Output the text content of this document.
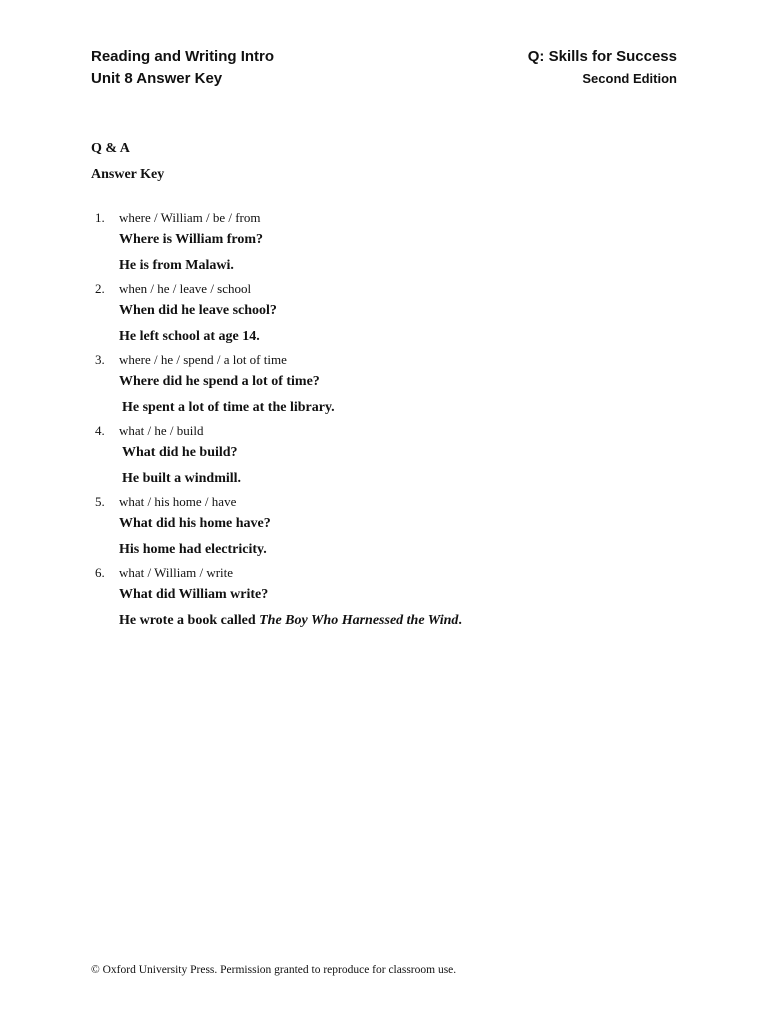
Reading and Writing Intro
Unit 8 Answer Key
Q: Skills for Success
Second Edition
Q & A
Answer Key
1.	where / William / be / from
Where is William from?
He is from Malawi.
2.	when / he / leave / school
When did he leave school?
He left school at age 14.
3.	where / he / spend / a lot of time
Where did he spend a lot of time?
He spent a lot of time at the library.
4.	what / he / build
What did he build?
He built a windmill.
5.	what / his home / have
What did his home have?
His home had electricity.
6.	what / William / write
What did William write?
He wrote a book called The Boy Who Harnessed the Wind.
© Oxford University Press. Permission granted to reproduce for classroom use.
